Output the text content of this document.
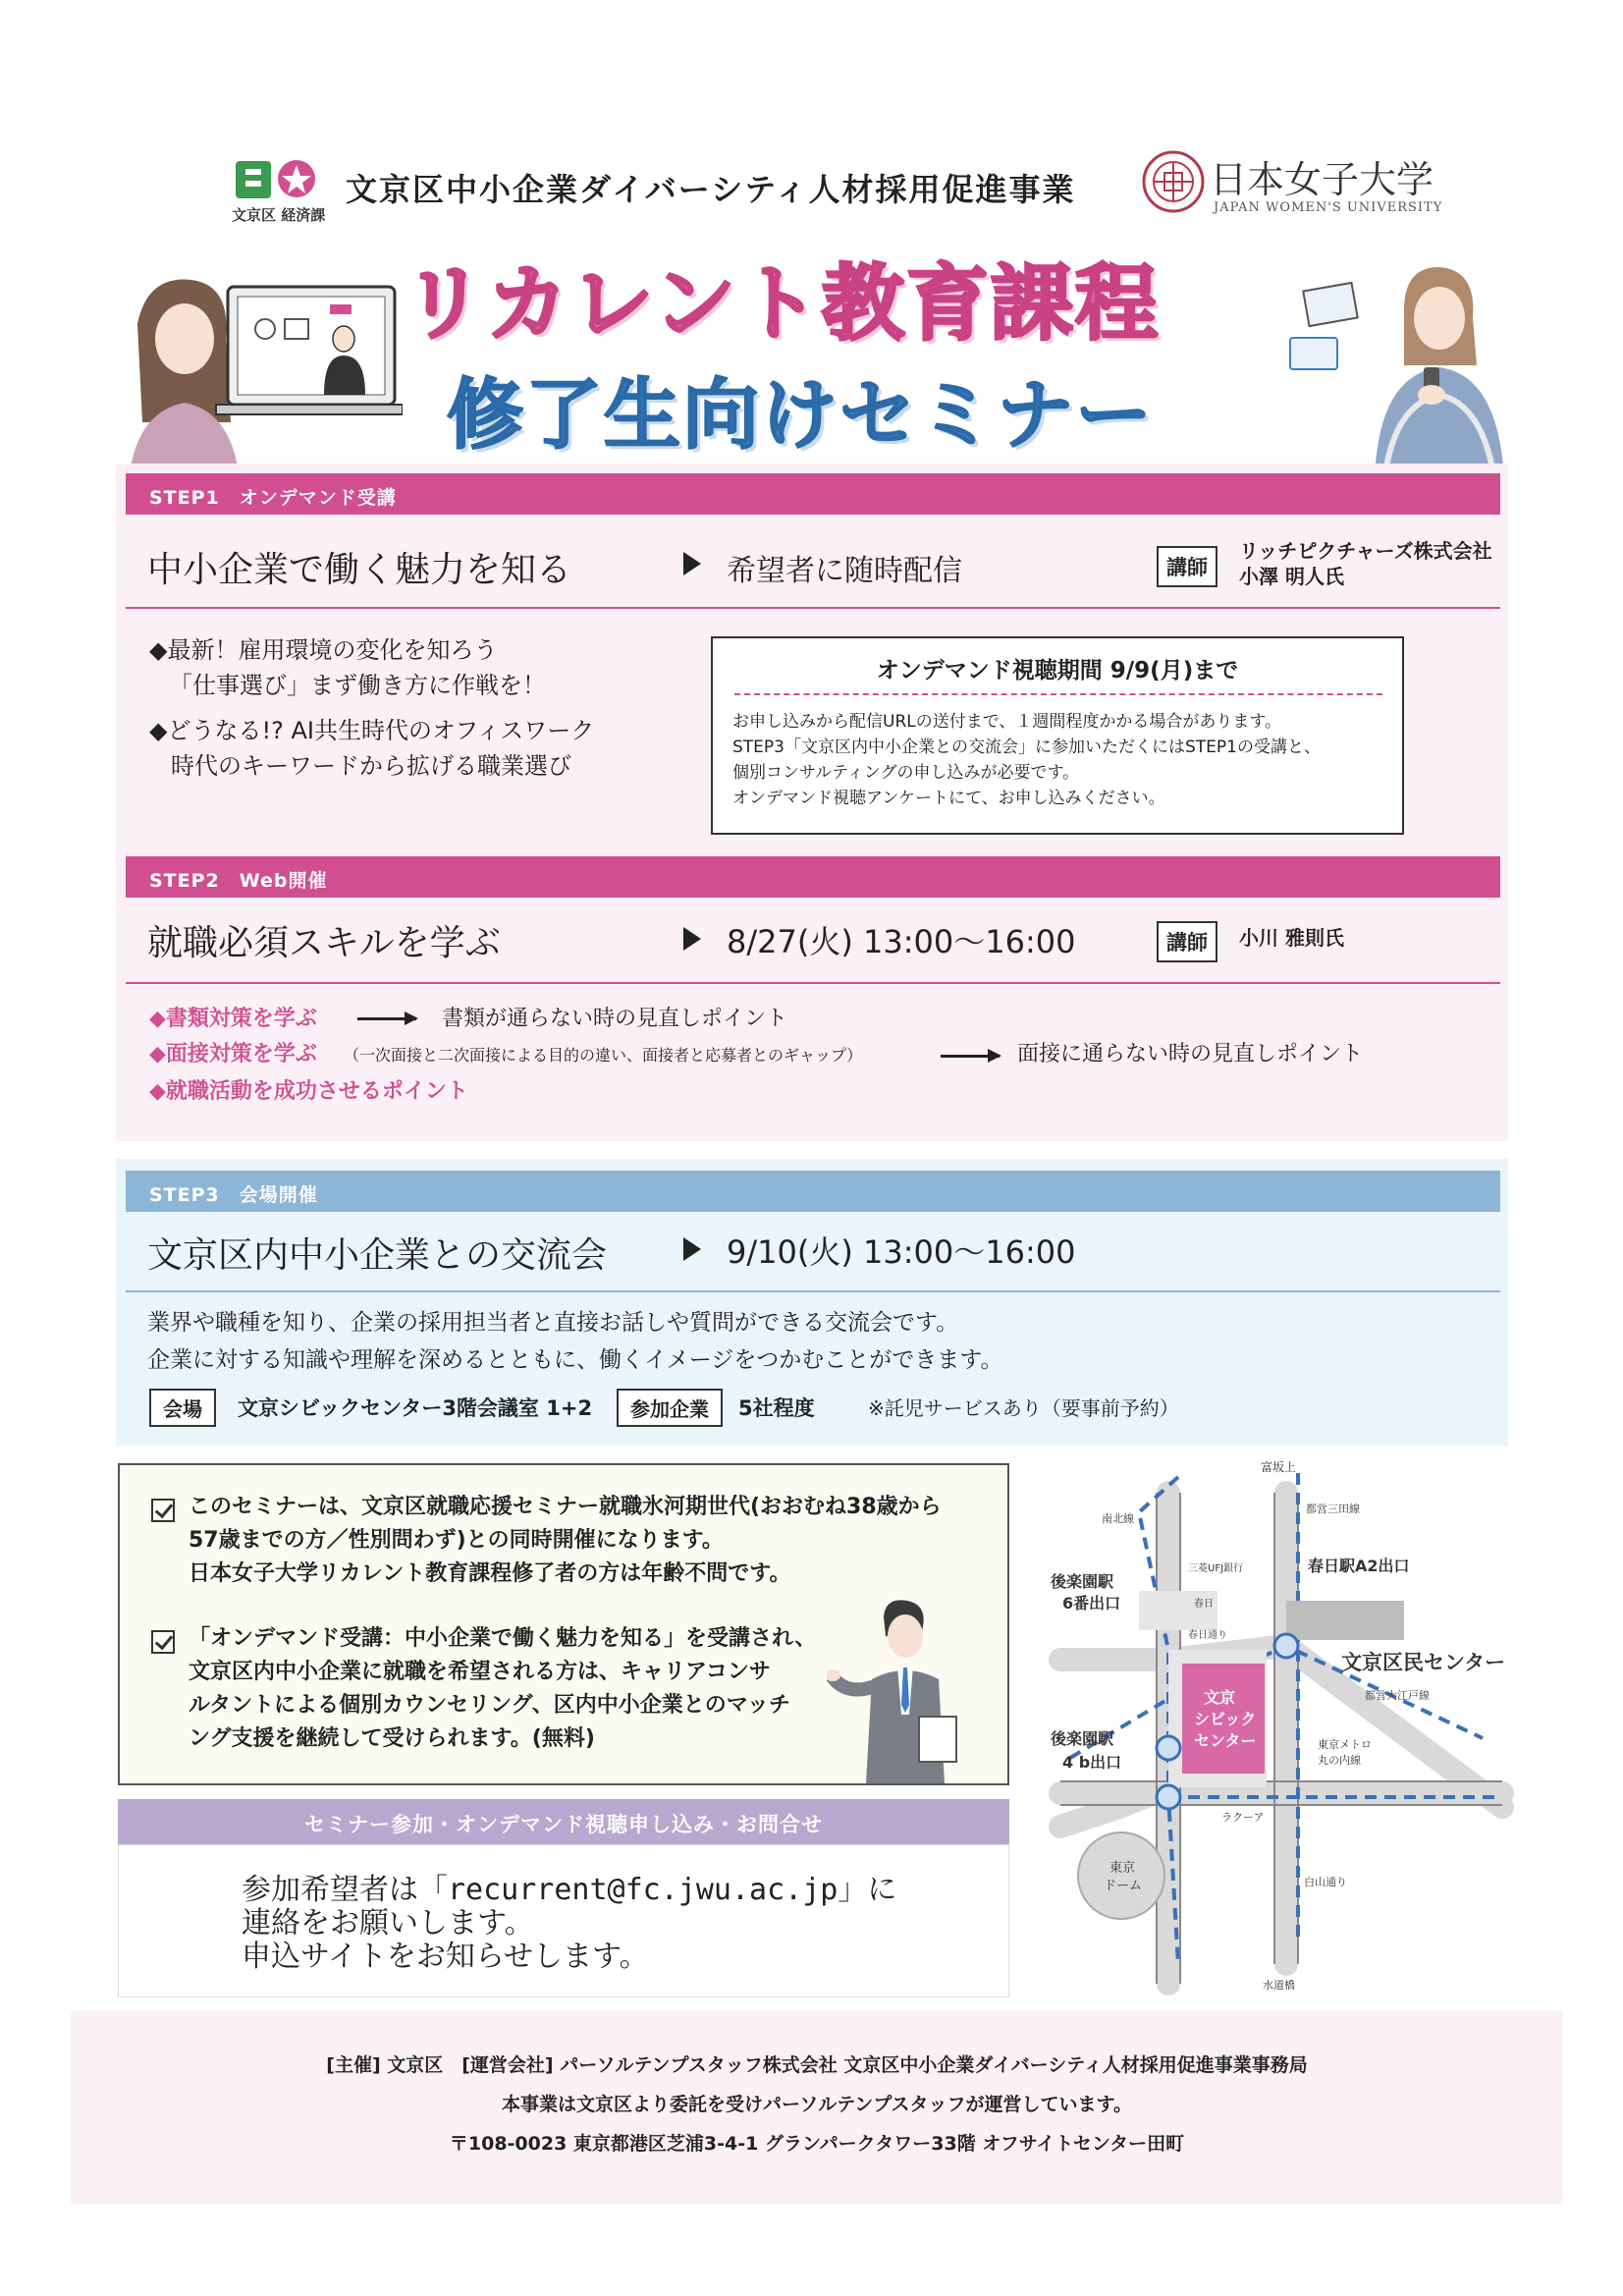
文京区 経済課
文京区中小企業ダイバーシティ人材採用促進事業	日本女子大学
JAPAN WOMEN'S UNIVERSITY
リカレント教育課程
修了生向けセミナー
STEP1　オンデマンド受講
中小企業で働く魅力を知る	希望者に随時配信	講師
リッチピクチャーズ株式会社
小澤 明人氏
◆最新！雇用環境の変化を知ろう
「仕事選び」まず働き方に作戦を！
◆どうなる!? AI共生時代のオフィスワーク
時代のキーワードから拡げる職業選び
オンデマンド視聴期間 9/9(月)まで
お申し込みから配信URLの送付まで、１週間程度かかる場合があります。
STEP3「文京区内中小企業との交流会」に参加いただくにはSTEP1の受講と、
個別コンサルティングの申し込みが必要です。
オンデマンド視聴アンケートにて、お申し込みください。
STEP2　Web開催
就職必須スキルを学ぶ	8/27(火) 13:00〜16:00	講師	小川 雅則氏
◆書類対策を学ぶ	書類が通らない時の見直しポイント
◆面接対策を学ぶ （一次面接と二次面接による目的の違い、面接者と応募者とのギャップ）	面接に通らない時の見直しポイント
◆就職活動を成功させるポイント
STEP3　会場開催
文京区内中小企業との交流会	9/10(火) 13:00〜16:00
業界や職種を知り、企業の採用担当者と直接お話しや質問ができる交流会です。
企業に対する知識や理解を深めるとともに、働くイメージをつかむことができます。
会場	文京シビックセンター3階会議室 1+2	参加企業	5社程度	※託児サービスあり（要事前予約）
このセミナーは、文京区就職応援セミナー就職氷河期世代(おおむね38歳から
57歳までの方／性別問わず)との同時開催になります。
日本女子大学リカレント教育課程修了者の方は年齢不問です。
「オンデマンド受講：中小企業で働く魅力を知る」を受講され、
文京区内中小企業に就職を希望される方は、キャリアコンサ
ルタントによる個別カウンセリング、区内中小企業とのマッチ
ング支援を継続して受けられます。(無料)
セミナー参加・オンデマンド視聴申し込み・お問合せ
参加希望者は「recurrent@fc.jwu.ac.jp」に
連絡をお願いします。
申込サイトをお知らせします。
富坂上
春日駅A2出口
後楽園駅
6番出口
後楽園駅
4 b出口
文京区民センター
文京
シビック
センター
東京
ドーム
水道橋
ラクーア
東京メトロ
丸の内線
南北線
都営三田線
都営大江戸線
白山通り
春日通り
三菱UFJ銀行
春日
[主催] 文京区　[運営会社] パーソルテンプスタッフ株式会社 文京区中小企業ダイバーシティ人材採用促進事業事務局
本事業は文京区より委託を受けパーソルテンプスタッフが運営しています。
〒108-0023 東京都港区芝浦3-4-1 グランパークタワー33階 オフサイトセンター田町
